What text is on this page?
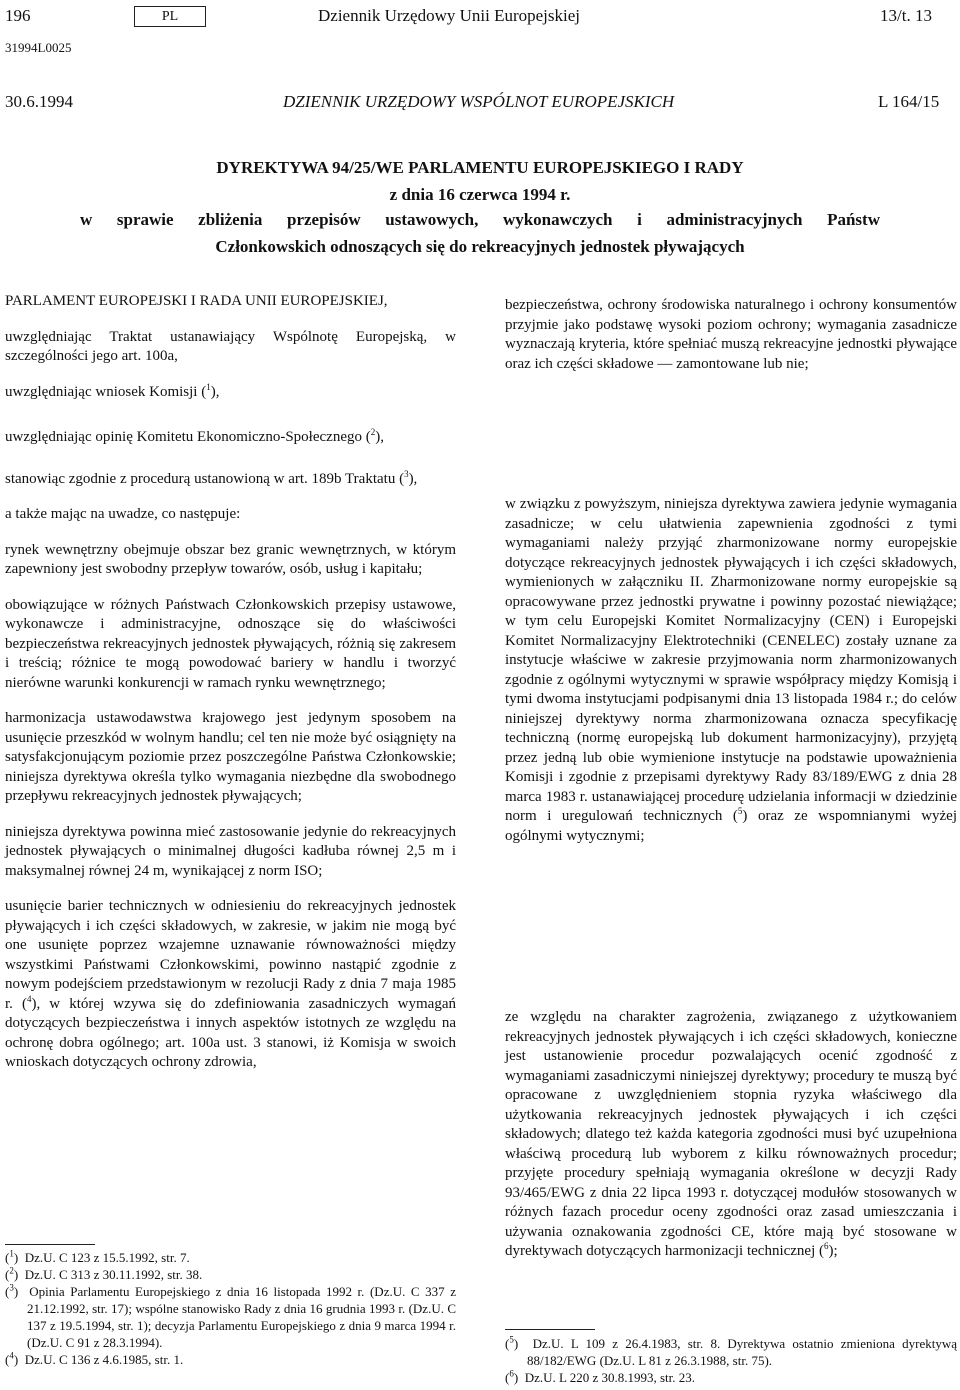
196	PL	Dziennik Urzędowy Unii Europejskiej	13/t. 13
31994L0025
30.6.1994	DZIENNIK URZĘDOWY WSPÓLNOT EUROPEJSKICH	L 164/15
DYREKTYWA 94/25/WE PARLAMENTU EUROPEJSKIEGO I RADY
z dnia 16 czerwca 1994 r.
w sprawie zbliżenia przepisów ustawowych, wykonawczych i administracyjnych Państw
Członkowskich odnoszących się do rekreacyjnych jednostek pływających

PARLAMENT EUROPEJSKI I RADA UNII EUROPEJSKIEJ,

uwzględniając Traktat ustanawiający Wspólnotę Europejską, w szczególności jego art. 100a,

uwzględniając wniosek Komisji ($^1$),

uwzględniając opinię Komitetu Ekonomiczno-Społecznego ($^2$),

stanowiąc zgodnie z procedurą ustanowioną w art. 189b Traktatu ($^3$),

a także mając na uwadze, co następuje:

rynek wewnętrzny obejmuje obszar bez granic wewnętrznych, w którym zapewniony jest swobodny przepływ towarów, osób, usług i kapitału;

obowiązujące w różnych Państwach Członkowskich przepisy ustawowe, wykonawcze i administracyjne, odnoszące się do właściwości bezpieczeństwa rekreacyjnych jednostek pływających, różnią się zakresem i treścią; różnice te mogą powodować bariery w handlu i tworzyć nierówne warunki konkurencji w ramach rynku wewnętrznego;

harmonizacja ustawodawstwa krajowego jest jedynym sposobem na usunięcie przeszkód w wolnym handlu; cel ten nie może być osiągnięty na satysfakcjonującym poziomie przez poszczególne Państwa Członkowskie; niniejsza dyrektywa określa tylko wymagania niezbędne dla swobodnego przepływu rekreacyjnych jednostek pływających;

niniejsza dyrektywa powinna mieć zastosowanie jedynie do rekreacyjnych jednostek pływających o minimalnej długości kadłuba równej 2,5 m i maksymalnej równej 24 m, wynikającej z norm ISO;

usunięcie barier technicznych w odniesieniu do rekreacyjnych jednostek pływających i ich części składowych, w zakresie, w jakim nie mogą być one usunięte poprzez wzajemne uznawanie równoważności między wszystkimi Państwami Członkowskimi, powinno nastąpić zgodnie z nowym podejściem przedstawionym w rezolucji Rady z dnia 7 maja 1985 r. ($^4$), w której wzywa się do zdefiniowania zasadniczych wymagań dotyczących bezpieczeństwa i innych aspektów istotnych ze względu na ochronę dobra ogólnego; art. 100a ust. 3 stanowi, iż Komisja w swoich wnioskach dotyczących ochrony zdrowia,

($^1$)  Dz.U. C 123 z 15.5.1992, str. 7.
($^2$)  Dz.U. C 313 z 30.11.1992, str. 38.
($^3$)  Opinia Parlamentu Europejskiego z dnia 16 listopada 1992 r. (Dz.U. C 337 z 21.12.1992, str. 17); wspólne stanowisko Rady z dnia 16 grudnia 1993 r. (Dz.U. C 137 z 19.5.1994, str. 1); decyzja Parlamentu Europejskiego z dnia 9 marca 1994 r. (Dz.U. C 91 z 28.3.1994).
($^4$)  Dz.U. C 136 z 4.6.1985, str. 1.

bezpieczeństwa, ochrony środowiska naturalnego i ochrony konsumentów przyjmie jako podstawę wysoki poziom ochrony; wymagania zasadnicze wyznaczają kryteria, które spełniać muszą rekreacyjne jednostki pływające oraz ich części składowe — zamontowane lub nie;

w związku z powyższym, niniejsza dyrektywa zawiera jedynie wymagania zasadnicze; w celu ułatwienia zapewnienia zgodności z tymi wymaganiami należy przyjąć zharmonizowane normy europejskie dotyczące rekreacyjnych jednostek pływających i ich części składowych, wymienionych w załączniku II. Zharmonizowane normy europejskie są opracowywane przez jednostki prywatne i powinny pozostać niewiążące; w tym celu Europejski Komitet Normalizacyjny (CEN) i Europejski Komitet Normalizacyjny Elektrotechniki (CENELEC) zostały uznane za instytucje właściwe w zakresie przyjmowania norm zharmonizowanych zgodnie z ogólnymi wytycznymi w sprawie współpracy między Komisją i tymi dwoma instytucjami podpisanymi dnia 13 listopada 1984 r.; do celów niniejszej dyrektywy norma zharmonizowana oznacza specyfikację techniczną (normę europejską lub dokument harmonizacyjny), przyjętą przez jedną lub obie wymienione instytucje na podstawie upoważnienia Komisji i zgodnie z przepisami dyrektywy Rady 83/189/EWG z dnia 28 marca 1983 r. ustanawiającej procedurę udzielania informacji w dziedzinie norm i uregulowań technicznych ($^5$) oraz ze wspomnianymi wyżej ogólnymi wytycznymi;

ze względu na charakter zagrożenia, związanego z użytkowaniem rekreacyjnych jednostek pływających i ich części składowych, konieczne jest ustanowienie procedur pozwalających ocenić zgodność z wymaganiami zasadniczymi niniejszej dyrektywy; procedury te muszą być opracowane z uwzględnieniem stopnia ryzyka właściwego dla użytkowania rekreacyjnych jednostek pływających i ich części składowych; dlatego też każda kategoria zgodności musi być uzupełniona właściwą procedurą lub wyborem z kilku równoważnych procedur; przyjęte procedury spełniają wymagania określone w decyzji Rady 93/465/EWG z dnia 22 lipca 1993 r. dotyczącej modułów stosowanych w różnych fazach procedur oceny zgodności oraz zasad umieszczania i używania oznakowania zgodności CE, które mają być stosowane w dyrektywach dotyczących harmonizacji technicznej ($^6$);

($^5$)  Dz.U. L 109 z 26.4.1983, str. 8. Dyrektywa ostatnio zmieniona dyrektywą 88/182/EWG (Dz.U. L 81 z 26.3.1988, str. 75).
($^6$)  Dz.U. L 220 z 30.8.1993, str. 23.
